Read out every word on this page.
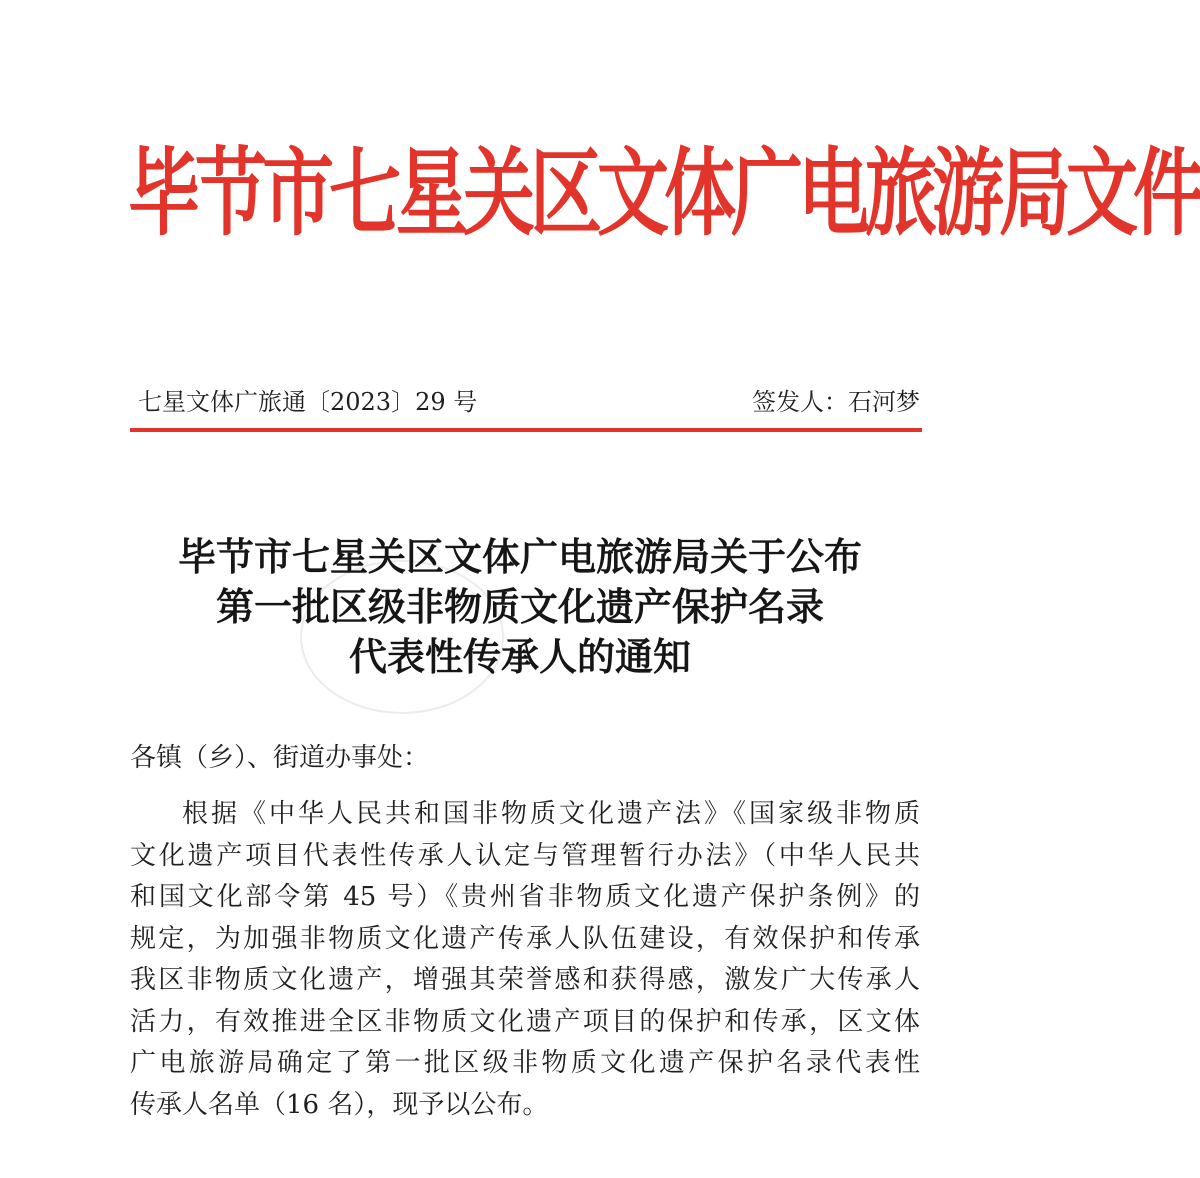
毕节市七星关区文体广电旅游局文件
七星文体广旅通〔2023〕29 号	签发人：石河梦
毕节市七星关区文体广电旅游局关于公布
第一批区级非物质文化遗产保护名录
代表性传承人的通知
各镇（乡）、街道办事处：
根据《中华人民共和国非物质文化遗产法》《国家级非物质
文化遗产项目代表性传承人认定与管理暂行办法》（中华人民共
和国文化部令第 45 号）《贵州省非物质文化遗产保护条例》的
规定，为加强非物质文化遗产传承人队伍建设，有效保护和传承
我区非物质文化遗产，增强其荣誉感和获得感，激发广大传承人
活力，有效推进全区非物质文化遗产项目的保护和传承，区文体
广电旅游局确定了第一批区级非物质文化遗产保护名录代表性
传承人名单（16 名），现予以公布。
